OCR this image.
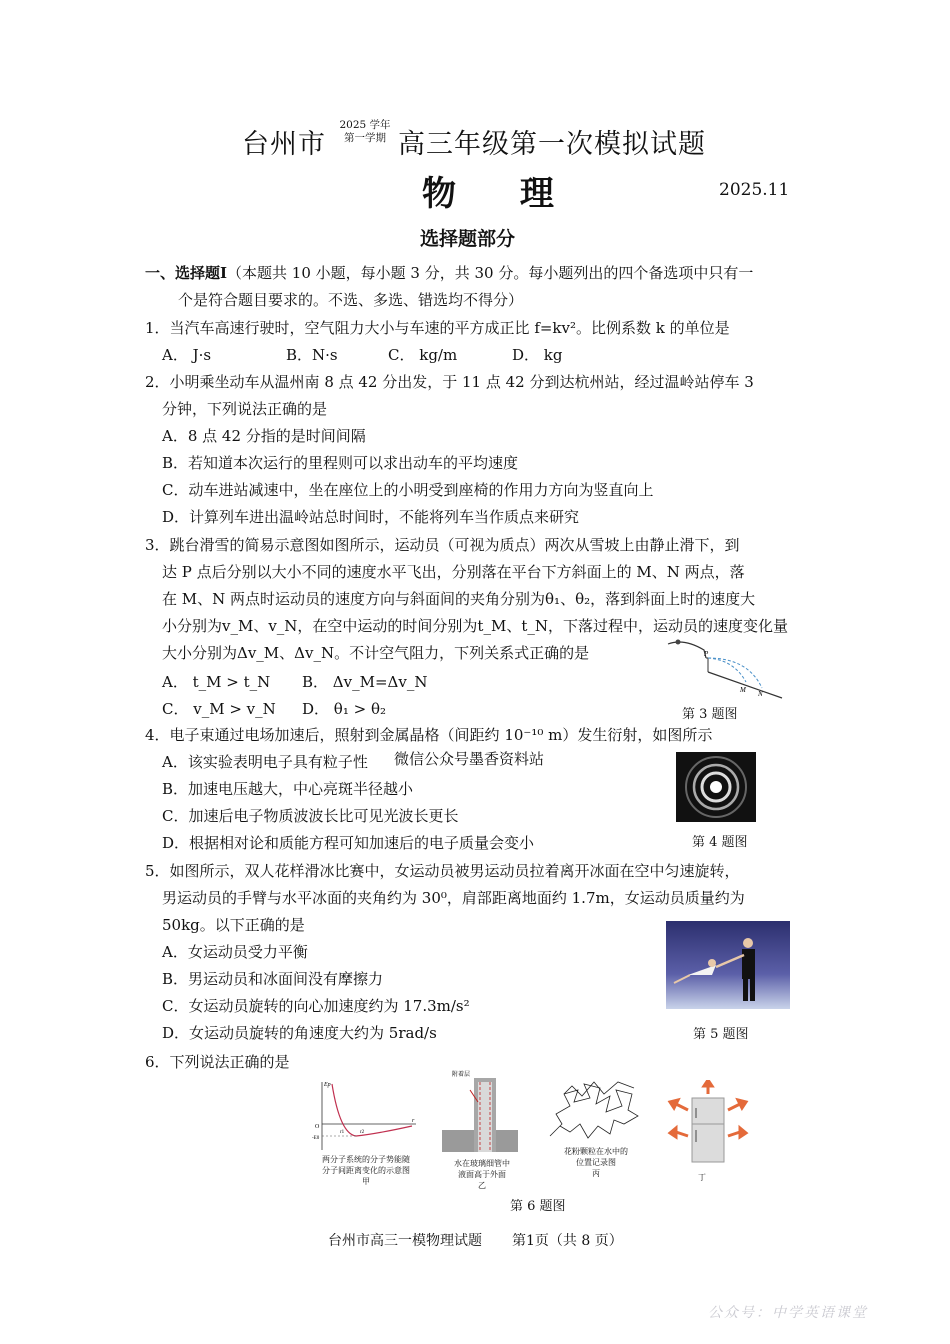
台州市
2025 学年
第一学期 高三年级第一次模拟试题
物 理	2025.11
选择题部分
一、选择题Ⅰ（本题共 10 小题，每小题 3 分，共 30 分。每小题列出的四个备选项中只有一
个是符合题目要求的。不选、多选、错选均不得分）
1．当汽车高速行驶时，空气阻力大小与车速的平方成正比 f=kv²。比例系数 k 的单位是
A． J·s	B．N·s	C． kg/m	D． kg
2．小明乘坐动车从温州南 8 点 42 分出发，于 11 点 42 分到达杭州站，经过温岭站停车 3
分钟，下列说法正确的是
A．8 点 42 分指的是时间间隔
B．若知道本次运行的里程则可以求出动车的平均速度
C．动车进站减速中，坐在座位上的小明受到座椅的作用力方向为竖直向上
D．计算列车进出温岭站总时间时，不能将列车当作质点来研究
3．跳台滑雪的简易示意图如图所示，运动员（可视为质点）两次从雪坡上由静止滑下，到
达 P 点后分别以大小不同的速度水平飞出，分别落在平台下方斜面上的 M、N 两点，落
在 M、N 两点时运动员的速度方向与斜面间的夹角分别为θ₁、θ₂，落到斜面上时的速度大
小分别为v_M、v_N，在空中运动的时间分别为t_M、t_N，下落过程中，运动员的速度变化量
大小分别为Δv_M、Δv_N。不计空气阻力，下列关系式正确的是
A． t_M > t_N B． Δv_M=Δv_N
C． v_M > v_N D． θ₁ > θ₂
P
M N
第 3 题图
4．电子束通过电场加速后，照射到金属晶格（间距约 10⁻¹⁰ m）发生衍射，如图所示
A．该实验表明电子具有粒子性 微信公众号墨香资料站
B．加速电压越大，中心亮斑半径越小
C．加速后电子物质波波长比可见光波长更长
D．根据相对论和质能方程可知加速后的电子质量会变小	第 4 题图
5．如图所示，双人花样滑冰比赛中，女运动员被男运动员拉着离开冰面在空中匀速旋转，
男运动员的手臂与水平冰面的夹角约为 30⁰，肩部距离地面约 1.7m，女运动员质量约为
50kg。以下正确的是
A．女运动员受力平衡
B．男运动员和冰面间没有摩擦力
C．女运动员旋转的向心加速度约为 17.3m/s²
D．女运动员旋转的角速度大约为 5rad/s	第 5 题图
6．下列说法正确的是
Ep
O
r
-E0
r1	r2
两分子系统的分子势能随
分子间距离变化的示意图
甲
附着层
水在玻璃细管中
液面高于外面
乙
花粉颗粒在水中的
位置记录图
丙	丁
第 6 题图
台州市高三一模物理试题 第1页（共 8 页）
公众号：中学英语课堂
